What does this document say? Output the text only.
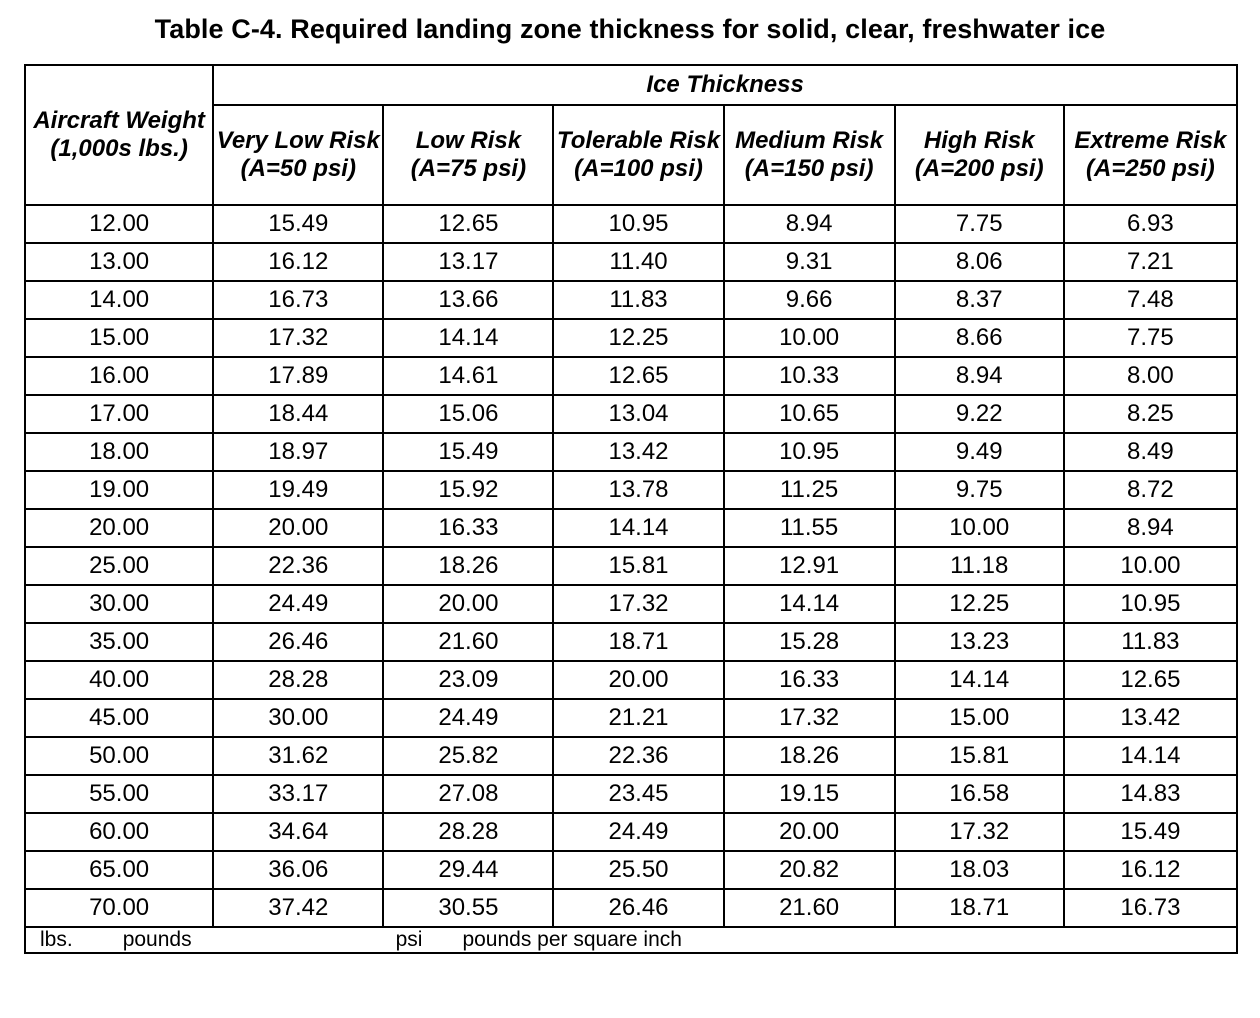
Table C-4. Required landing zone thickness for solid, clear, freshwater ice
Aircraft Weight (1,000s lbs.)	Ice Thickness					
	Very Low Risk (A=50 psi)	Low Risk (A=75 psi)	Tolerable Risk (A=100 psi)	Medium Risk (A=150 psi)	High Risk (A=200 psi)	Extreme Risk (A=250 psi)
12.00	15.49	12.65	10.95	8.94	7.75	6.93
13.00	16.12	13.17	11.40	9.31	8.06	7.21
14.00	16.73	13.66	11.83	9.66	8.37	7.48
15.00	17.32	14.14	12.25	10.00	8.66	7.75
16.00	17.89	14.61	12.65	10.33	8.94	8.00
17.00	18.44	15.06	13.04	10.65	9.22	8.25
18.00	18.97	15.49	13.42	10.95	9.49	8.49
19.00	19.49	15.92	13.78	11.25	9.75	8.72
20.00	20.00	16.33	14.14	11.55	10.00	8.94
25.00	22.36	18.26	15.81	12.91	11.18	10.00
30.00	24.49	20.00	17.32	14.14	12.25	10.95
35.00	26.46	21.60	18.71	15.28	13.23	11.83
40.00	28.28	23.09	20.00	16.33	14.14	12.65
45.00	30.00	24.49	21.21	17.32	15.00	13.42
50.00	31.62	25.82	22.36	18.26	15.81	14.14
55.00	33.17	27.08	23.45	19.15	16.58	14.83
60.00	34.64	28.28	24.49	20.00	17.32	15.49
65.00	36.06	29.44	25.50	20.82	18.03	16.12
70.00	37.42	30.55	26.46	21.60	18.71	16.73
lbs. pounds psi pounds per square inch						
